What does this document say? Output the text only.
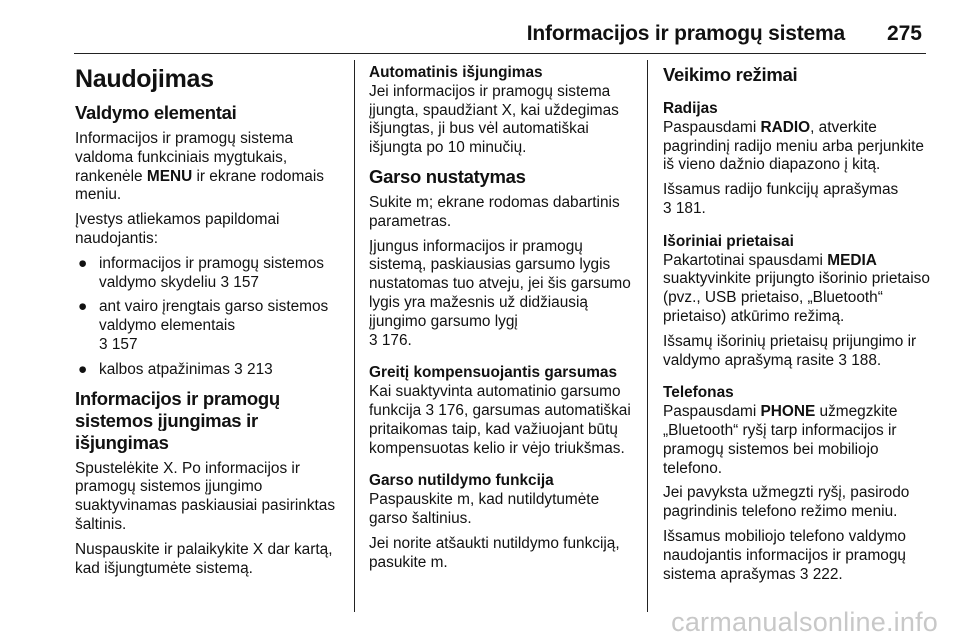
Informacijos ir pramogų sistema 275
Naudojimas
Valdymo elementai

Informacijos ir pramogų sistema valdoma funkciniais mygtukais, rankenėle MENU ir ekrane rodomais meniu.

Įvestys atliekamos papildomai naudojantis:

● informacijos ir pramogų sistemos valdymo skydeliu 3 157
● ant vairo įrengtais garso sistemos valdymo elementais
3 157
● kalbos atpažinimas 3 213
Informacijos ir pramogų sistemos įjungimas ir išjungimas

Spustelėkite X. Po informacijos ir pramogų sistemos įjungimo suaktyvinamas paskiausiai pasirinktas šaltinis.

Nuspauskite ir palaikykite X dar kartą, kad išjungtumėte sistemą.

Automatinis išjungimas

Jei informacijos ir pramogų sistema įjungta, spaudžiant X, kai uždegimas išjungtas, ji bus vėl automatiškai išjungta po 10 minučių.

Garso nustatymas

Sukite m; ekrane rodomas dabartinis parametras.

Įjungus informacijos ir pramogų sistemą, paskiausias garsumo lygis nustatomas tuo atveju, jei šis garsumo lygis yra mažesnis už didžiausią įjungimo garsumo lygį
3 176.

Greitį kompensuojantis garsumas

Kai suaktyvinta automatinio garsumo funkcija 3 176, garsumas automatiškai pritaikomas taip, kad važiuojant būtų kompensuotas kelio ir vėjo triukšmas.

Garso nutildymo funkcija

Paspauskite m, kad nutildytumėte garso šaltinius.

Jei norite atšaukti nutildymo funkciją, pasukite m.

Veikimo režimai
Radijas

Paspausdami RADIO, atverkite pagrindinį radijo meniu arba perjunkite iš vieno dažnio diapazono į kitą.

Išsamus radijo funkcijų aprašymas
3 181.

Išoriniai prietaisai

Pakartotinai spausdami MEDIA suaktyvinkite prijungto išorinio prietaiso (pvz., USB prietaiso, „Bluetooth“ prietaiso) atkūrimo režimą.

Išsamų išorinių prietaisų prijungimo ir valdymo aprašymą rasite 3 188.

Telefonas

Paspausdami PHONE užmegzkite „Bluetooth“ ryšį tarp informacijos ir pramogų sistemos bei mobiliojo telefono.

Jei pavyksta užmegzti ryšį, pasirodo pagrindinis telefono režimo meniu.

Išsamus mobiliojo telefono valdymo naudojantis informacijos ir pramogų sistema aprašymas 3 222.

carmanualsonline.info
